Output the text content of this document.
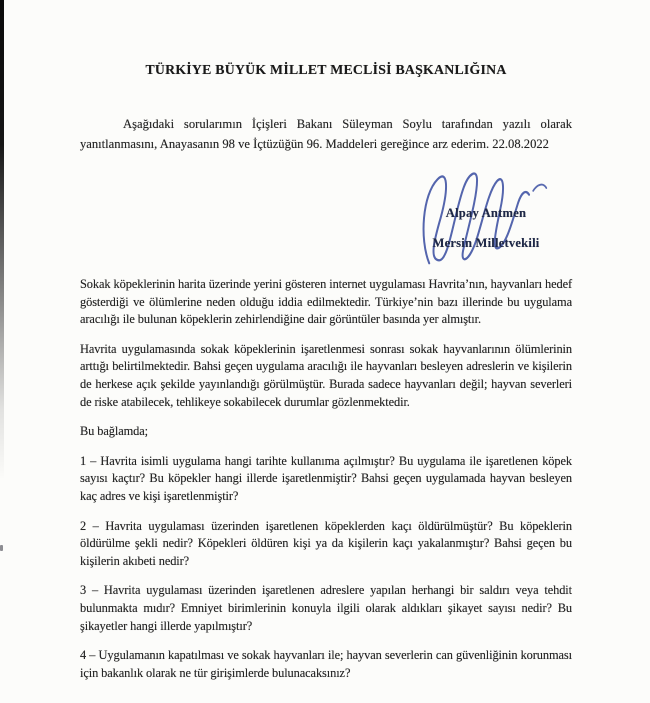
TÜRKİYE BÜYÜK MİLLET MECLİSİ BAŞKANLIĞINA

Aşağıdaki sorularımın İçişleri Bakanı Süleyman Soylu tarafından yazılı olarak yanıtlanmasını, Anayasanın 98 ve İçtüzüğün 96. Maddeleri gereğince arz ederim. 22.08.2022

Alpay Antmen
Mersin Milletvekili

Sokak köpeklerinin harita üzerinde yerini gösteren internet uygulaması Havrita’nın, hayvanları hedef gösterdiği ve ölümlerine neden olduğu iddia edilmektedir. Türkiye’nin bazı illerinde bu uygulama aracılığı ile bulunan köpeklerin zehirlendiğine dair görüntüler basında yer almıştır.

Havrita uygulamasında sokak köpeklerinin işaretlenmesi sonrası sokak hayvanlarının ölümlerinin arttığı belirtilmektedir. Bahsi geçen uygulama aracılığı ile hayvanları besleyen adreslerin ve kişilerin de herkese açık şekilde yayınlandığı görülmüştür. Burada sadece hayvanları değil; hayvan severleri de riske atabilecek, tehlikeye sokabilecek durumlar gözlenmektedir.

Bu bağlamda;

1 – Havrita isimli uygulama hangi tarihte kullanıma açılmıştır? Bu uygulama ile işaretlenen köpek sayısı kaçtır? Bu köpekler hangi illerde işaretlenmiştir? Bahsi geçen uygulamada hayvan besleyen kaç adres ve kişi işaretlenmiştir?

2 – Havrita uygulaması üzerinden işaretlenen köpeklerden kaçı öldürülmüştür? Bu köpeklerin öldürülme şekli nedir? Köpekleri öldüren kişi ya da kişilerin kaçı yakalanmıştır? Bahsi geçen bu kişilerin akıbeti nedir?

3 – Havrita uygulaması üzerinden işaretlenen adreslere yapılan herhangi bir saldırı veya tehdit bulunmakta mıdır? Emniyet birimlerinin konuyla ilgili olarak aldıkları şikayet sayısı nedir? Bu şikayetler hangi illerde yapılmıştır?

4 – Uygulamanın kapatılması ve sokak hayvanları ile; hayvan severlerin can güvenliğinin korunması için bakanlık olarak ne tür girişimlerde bulunacaksınız?
